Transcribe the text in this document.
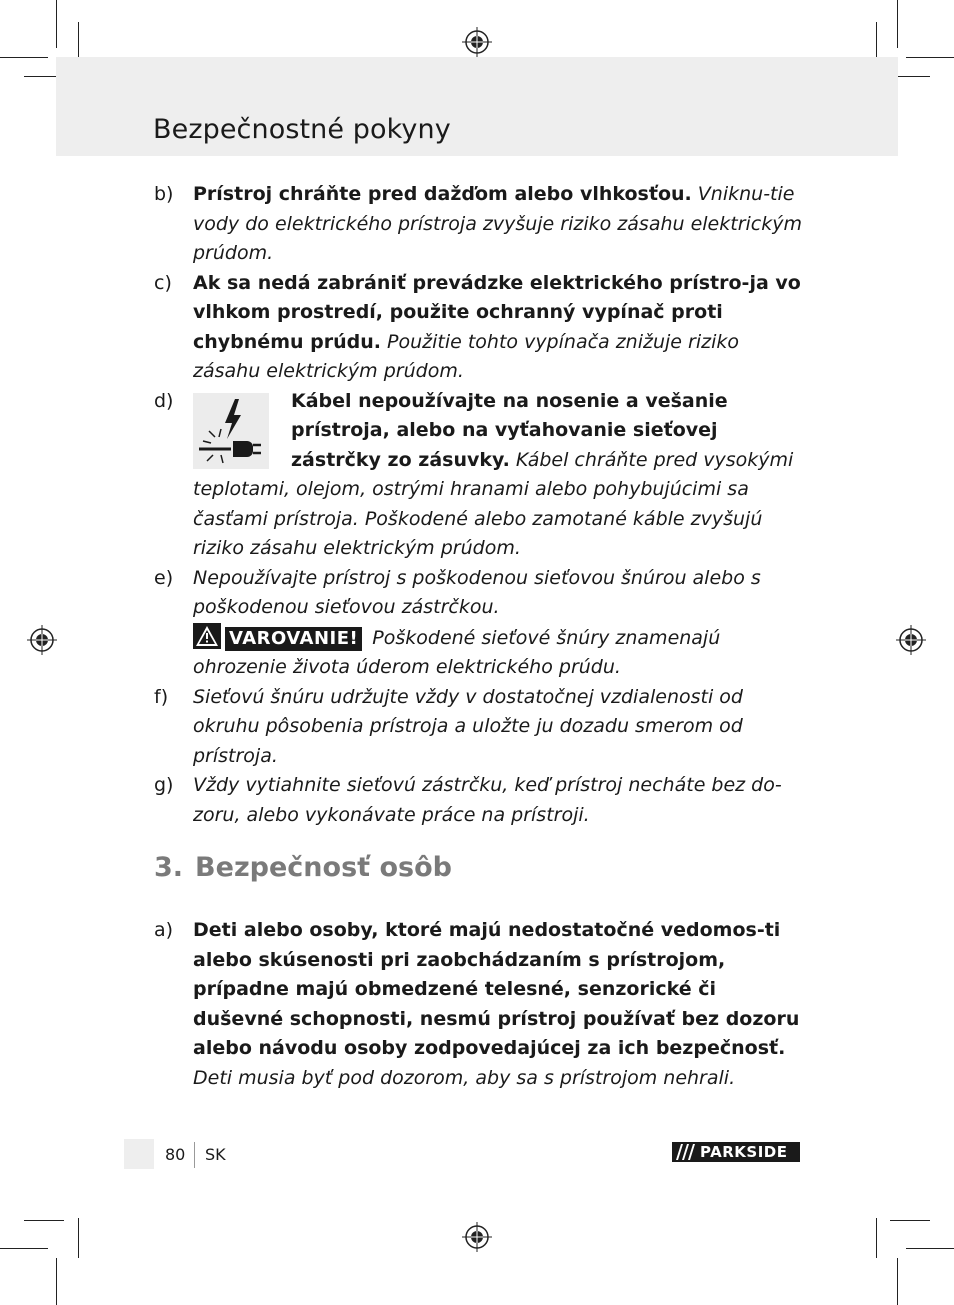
Bezpečnostné pokyny
b) Prístroj chráňte pred dažďom alebo vlhkosťou. Vniknu-tie vody do elektrického prístroja zvyšuje riziko zásahu elektrickým prúdom.
c) Ak sa nedá zabrániť prevádzke elektrického prístro-ja vo vlhkom prostredí, použite ochranný vypínač proti chybnému prúdu. Použitie tohto vypínača znižuje riziko zásahu elektrickým prúdom.
d)	Kábel nepoužívajte na nosenie a vešanie prístroja, alebo na vyťahovanie sieťovej zástrčky zo zásuvky. Kábel chráňte pred vysokými
teplotami, olejom, ostrými hranami alebo pohybujúcimi sa časťami prístroja. Poškodené alebo zamotané káble zvyšujú riziko zásahu elektrickým prúdom.
e) Nepoužívajte prístroj s poškodenou sieťovou šnúrou alebo s poškodenou sieťovou zástrčkou.
VAROVANIE! Poškodené sieťové šnúry znamenajú ohrozenie života úderom elektrického prúdu.
f) Sieťovú šnúru udržujte vždy v dostatočnej vzdialenosti od okruhu pôsobenia prístroja a uložte ju dozadu smerom od prístroja.
g) Vždy vytiahnite sieťovú zástrčku, keď prístroj necháte bez do-zoru, alebo vykonávate práce na prístroji.
3. Bezpečnosť osôb
a) Deti alebo osoby, ktoré majú nedostatočné vedomos-ti alebo skúsenosti pri zaobchádzaním s prístrojom, prípadne majú obmedzené telesné, senzorické či duševné schopnosti, nesmú prístroj používať bez dozoru alebo návodu osoby zodpovedajúcej za ich bezpečnosť. Deti musia byť pod dozorom, aby sa s prístrojom nehrali.
80 SK	PARKSIDE
